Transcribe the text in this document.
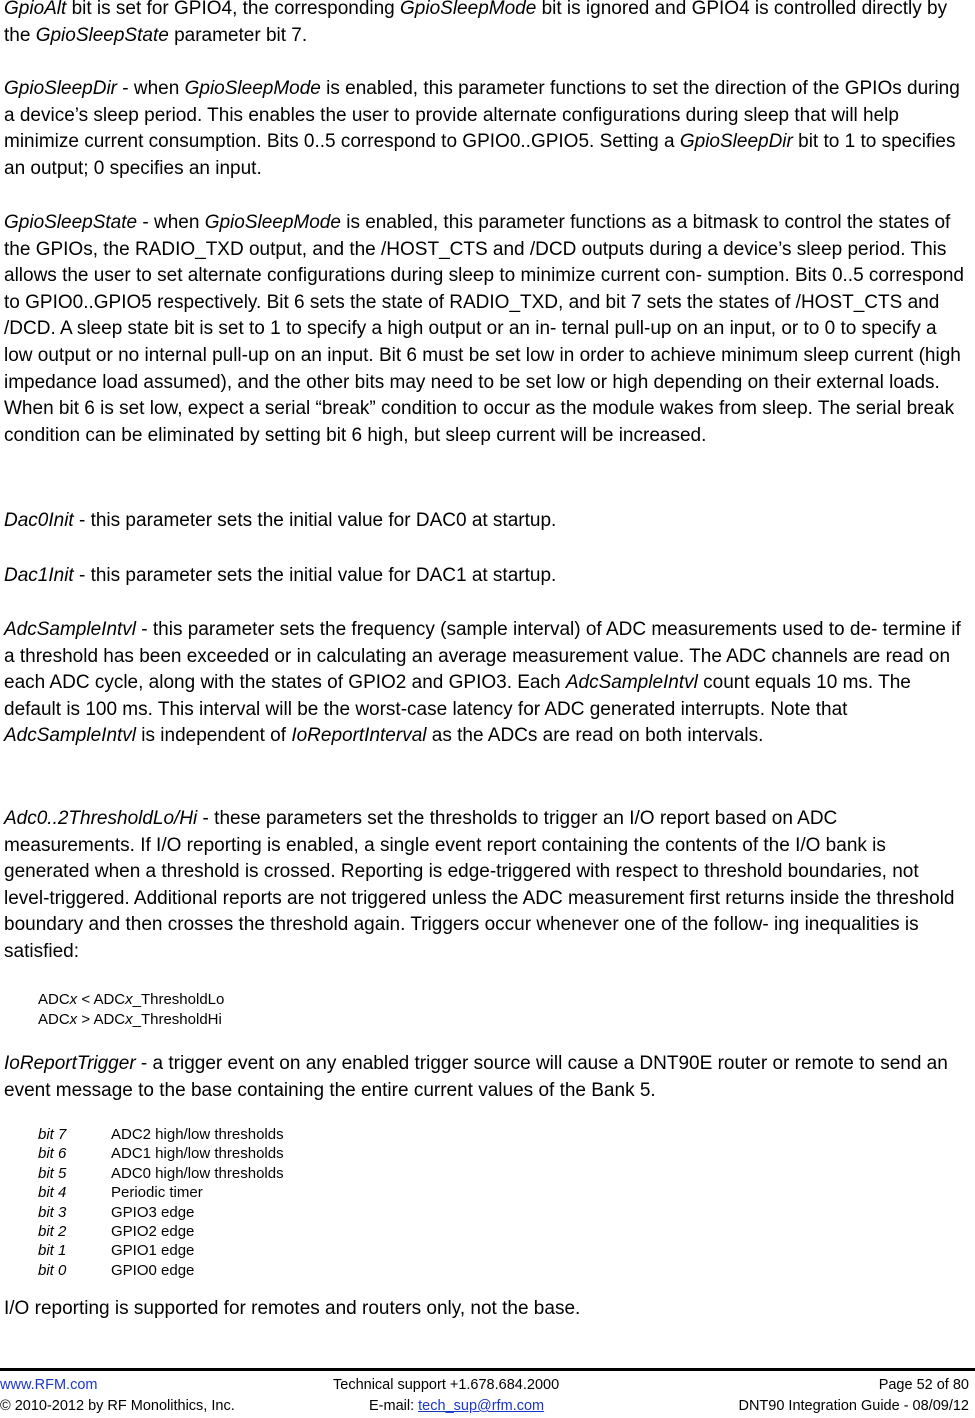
GpioAlt bit is set for GPIO4, the corresponding GpioSleepMode bit is ignored and GPIO4 is controlled directly by the GpioSleepState parameter bit 7.

GpioSleepDir - when GpioSleepMode is enabled, this parameter functions to set the direction of the GPIOs during a device’s sleep period. This enables the user to provide alternate configurations during sleep that will help minimize current consumption. Bits 0..5 correspond to GPIO0..GPIO5. Setting a GpioSleepDir bit to 1 to specifies an output; 0 specifies an input.

GpioSleepState - when GpioSleepMode is enabled, this parameter functions as a bitmask to control the states of the GPIOs, the RADIO_TXD output, and the /HOST_CTS and /DCD outputs during a device’s sleep period. This allows the user to set alternate configurations during sleep to minimize current con- sumption. Bits 0..5 correspond to GPIO0..GPIO5 respectively. Bit 6 sets the state of RADIO_TXD, and bit 7 sets the states of /HOST_CTS and /DCD. A sleep state bit is set to 1 to specify a high output or an in- ternal pull-up on an input, or to 0 to specify a low output or no internal pull-up on an input. Bit 6 must be set low in order to achieve minimum sleep current (high impedance load assumed), and the other bits may need to be set low or high depending on their external loads. When bit 6 is set low, expect a serial “break” condition to occur as the module wakes from sleep. The serial break condition can be eliminated by setting bit 6 high, but sleep current will be increased.

Dac0Init - this parameter sets the initial value for DAC0 at startup.

Dac1Init - this parameter sets the initial value for DAC1 at startup.

AdcSampleIntvl - this parameter sets the frequency (sample interval) of ADC measurements used to de- termine if a threshold has been exceeded or in calculating an average measurement value. The ADC channels are read on each ADC cycle, along with the states of GPIO2 and GPIO3. Each AdcSampleIntvl count equals 10 ms. The default is 100 ms. This interval will be the worst-case latency for ADC generated interrupts. Note that AdcSampleIntvl is independent of IoReportInterval as the ADCs are read on both intervals.

Adc0..2ThresholdLo/Hi - these parameters set the thresholds to trigger an I/O report based on ADC measurements. If I/O reporting is enabled, a single event report containing the contents of the I/O bank is generated when a threshold is crossed. Reporting is edge-triggered with respect to threshold boundaries, not level-triggered. Additional reports are not triggered unless the ADC measurement first returns inside the threshold boundary and then crosses the threshold again. Triggers occur whenever one of the follow- ing inequalities is satisfied:

ADCx < ADCx_ThresholdLo
ADCx > ADCx_ThresholdHi

IoReportTrigger - a trigger event on any enabled trigger source will cause a DNT90E router or remote to send an event message to the base containing the entire current values of the Bank 5.

bit 7	ADC2 high/low thresholds
bit 6	ADC1 high/low thresholds
bit 5	ADC0 high/low thresholds
bit 4	Periodic timer
bit 3	GPIO3 edge
bit 2	GPIO2 edge
bit 1	GPIO1 edge
bit 0	GPIO0 edge

I/O reporting is supported for remotes and routers only, not the base.

www.RFM.com	Technical support +1.678.684.2000	Page 52 of 80
© 2010-2012 by RF Monolithics, Inc.	E-mail: tech_sup@rfm.com	DNT90 Integration Guide - 08/09/12
